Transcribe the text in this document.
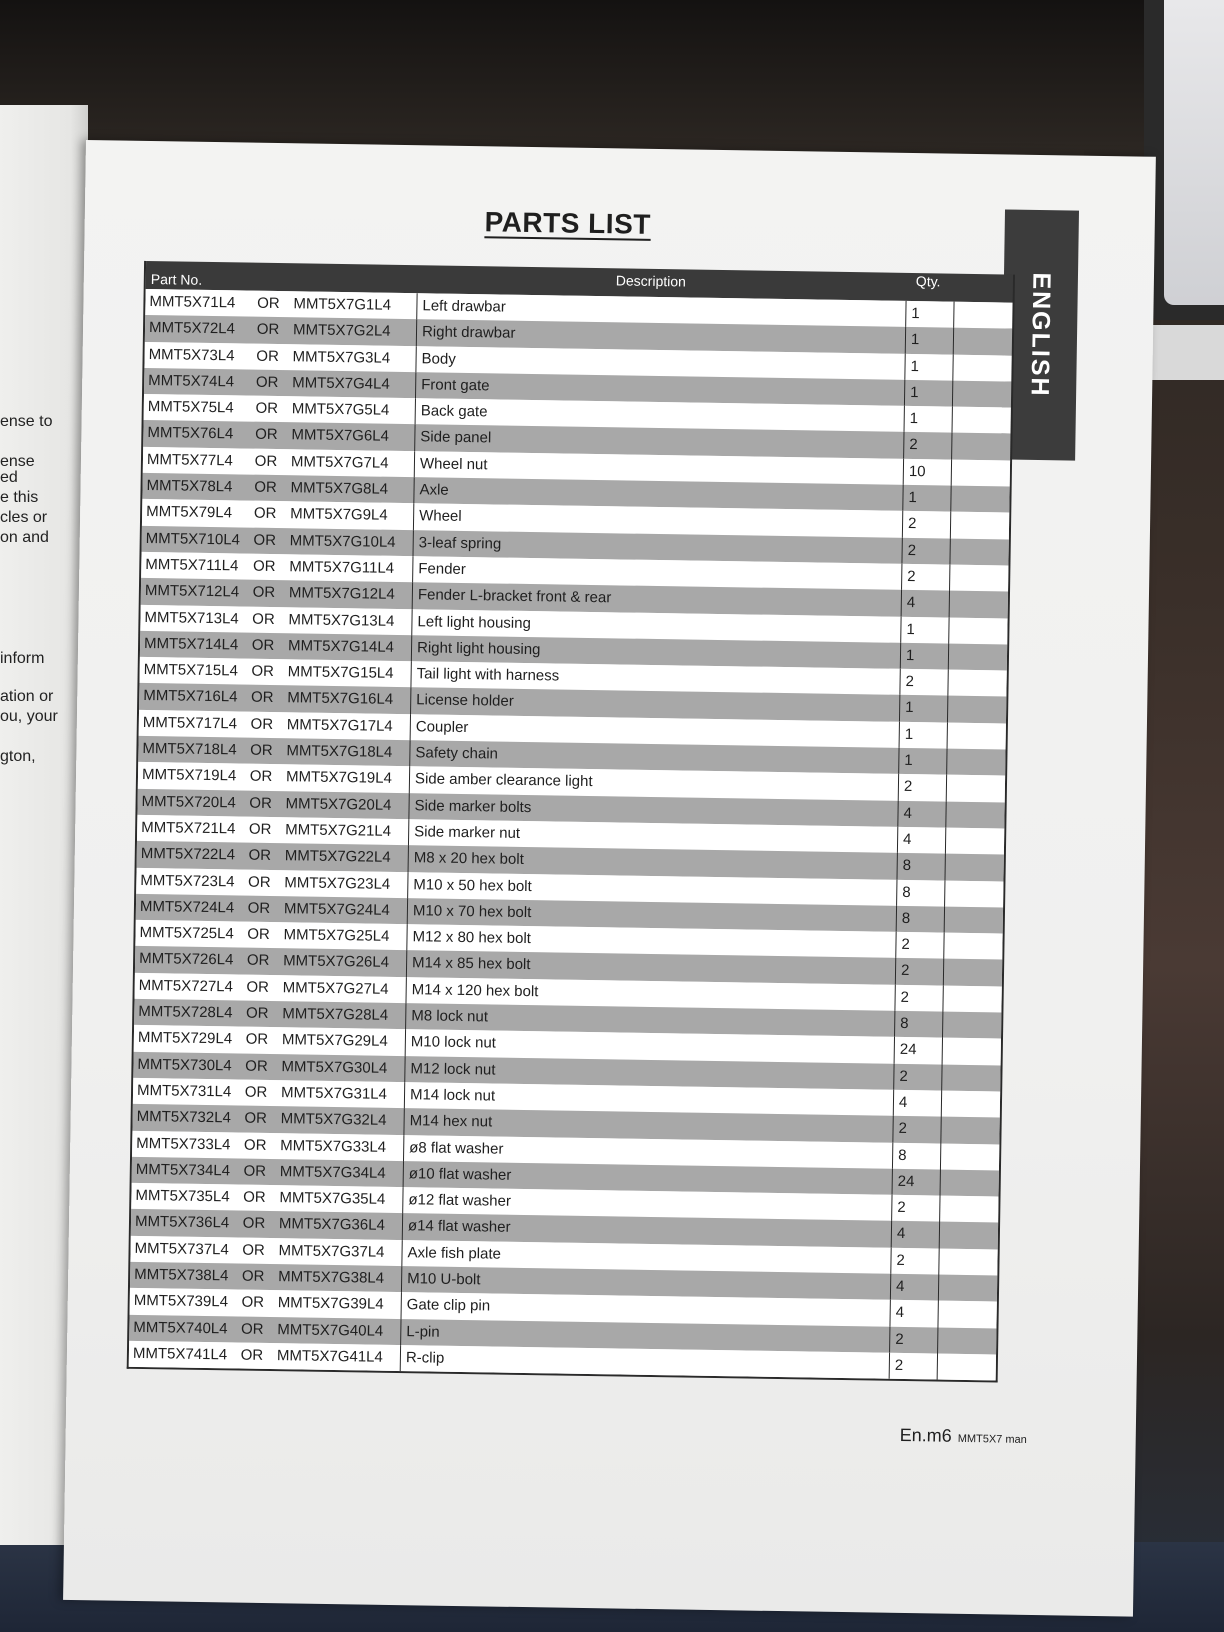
ense to
ense
ed
e this
cles or
on and
inform
ation or
ou, your
gton,
PARTS LIST
ENGLISH
Part No.	Description	Qty.
MMT5X71L4	OR MMT5X7G1L4	Left drawbar	1
MMT5X72L4	OR MMT5X7G2L4	Right drawbar	1
MMT5X73L4	OR MMT5X7G3L4	Body	1
MMT5X74L4	OR MMT5X7G4L4	Front gate	1
MMT5X75L4	OR MMT5X7G5L4	Back gate	1
MMT5X76L4	OR MMT5X7G6L4	Side panel	2
MMT5X77L4	OR MMT5X7G7L4	Wheel nut	10
MMT5X78L4	OR MMT5X7G8L4	Axle	1
MMT5X79L4	OR MMT5X7G9L4	Wheel	2
MMT5X710L4 OR MMT5X7G10L4	3-leaf spring	2
MMT5X711L4 OR MMT5X7G11L4	Fender	2
MMT5X712L4 OR MMT5X7G12L4	Fender L-bracket front & rear	4
MMT5X713L4 OR MMT5X7G13L4	Left light housing	1
MMT5X714L4 OR MMT5X7G14L4	Right light housing	1
MMT5X715L4 OR MMT5X7G15L4	Tail light with harness	2
MMT5X716L4 OR MMT5X7G16L4	License holder	1
MMT5X717L4 OR MMT5X7G17L4	Coupler	1
MMT5X718L4 OR MMT5X7G18L4	Safety chain	1
MMT5X719L4 OR MMT5X7G19L4	Side amber clearance light	2
MMT5X720L4 OR MMT5X7G20L4	Side marker bolts	4
MMT5X721L4 OR MMT5X7G21L4	Side marker nut	4
MMT5X722L4 OR MMT5X7G22L4	M8 x 20 hex bolt	8
MMT5X723L4 OR MMT5X7G23L4	M10 x 50 hex bolt	8
MMT5X724L4 OR MMT5X7G24L4	M10 x 70 hex bolt	8
MMT5X725L4 OR MMT5X7G25L4	M12 x 80 hex bolt	2
MMT5X726L4 OR MMT5X7G26L4	M14 x 85 hex bolt	2
MMT5X727L4 OR MMT5X7G27L4	M14 x 120 hex bolt	2
MMT5X728L4 OR MMT5X7G28L4	M8 lock nut	8
MMT5X729L4 OR MMT5X7G29L4	M10 lock nut	24
MMT5X730L4 OR MMT5X7G30L4	M12 lock nut	2
MMT5X731L4 OR MMT5X7G31L4	M14 lock nut	4
MMT5X732L4 OR MMT5X7G32L4	M14 hex nut	2
MMT5X733L4 OR MMT5X7G33L4	ø8 flat washer	8
MMT5X734L4 OR MMT5X7G34L4	ø10 flat washer	24
MMT5X735L4 OR MMT5X7G35L4	ø12 flat washer	2
MMT5X736L4 OR MMT5X7G36L4	ø14 flat washer	4
MMT5X737L4 OR MMT5X7G37L4	Axle fish plate	2
MMT5X738L4 OR MMT5X7G38L4	M10 U-bolt	4
MMT5X739L4 OR MMT5X7G39L4	Gate clip pin	4
MMT5X740L4 OR MMT5X7G40L4	L-pin	2
MMT5X741L4 OR MMT5X7G41L4	R-clip	2
En.m6 MMT5X7 man
